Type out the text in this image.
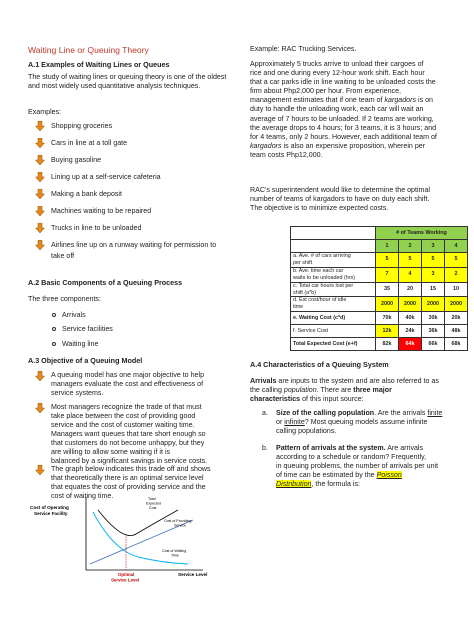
Waiting Line or Queuing Theory
A.1 Examples of Waiting Lines or Queues
The study of waiting lines or queuing theory is one of the oldest and most widely used quantitative analysis techniques.
Examples:
A.2 Basic Components of a Queuing Process
The three components:
A.3 Objective of a Queuing Model
Cost of Operating
Service Facility
Total
Expected
Cost
Cost of Providing
Service
Cost of Waiting
Time
Optimal
Service Level
Service Level
Example: RAC Trucking Services.
Approximately 5 trucks arrive to unload their cargoes of
rice and one during every 12-hour work shift. Each hour
that a car parks idle in line waiting to be unloaded costs the
firm about Php2,000 per hour. From experience,
management estimates that if one team of kargadors is on
duty to handle the unloading work, each car will wait an
average of 7 hours to be unloaded. If 2 teams are working,
the average drops to 4 hours; for 3 teams, it is 3 hours; and
for 4 teams, only 2 hours. However, each additional team of
kargadors is also an expensive proposition, wherein per
team costs Php12,000.
RAC's superintendent would like to determine the optimal
number of teams of kargadors to have on duty each shift.
The objective is to minimize expected costs.
	# of Teams Working			
	1	2	3	4

a. Ave. # of cars arriving
per shift	5	5	5	5

b. Ave. time each car
waits to be unloaded (hrs)	7	4	3	2

c. Total car hours lost per
shift (a*b)	35	20	15	10

d. Est cost/hour of idle
time	2000	2000	2000	2000

e. Waiting Cost (c*d)	70k	40k	30k	20k

f. Service Cost	12k	24k	36k	48k

Total Expected Cost (e+f)	82k	64k	66k	68k
A.4 Characteristics of a Queuing System
Arrivals are inputs to the system and are also referred to as
the calling population. There are three major
characteristics of this input source:
Shopping groceries
Cars in line at a toll gate
Buying gasoline
Lining up at a self-service cafeteria
Making a bank deposit
Machines waiting to be repaired
Trucks in line to be unloaded
Airlines line up on a runway waiting for permission to
take off
Arrivals
Service facilities
Waiting line
A queuing model has one major objective to help
managers evaluate the cost and effectiveness of
service systems.
Most managers recognize the trade of that must
take place between the cost of providing good
service and the cost of customer waiting time.
Managers want queues that tare short enough so
that customers do not become unhappy, but they
are willing to allow some waiting if it is
balanced by a significant savings in service costs.
The graph below indicates this trade off and shows
that theoretically there is an optimal service level
that equates the cost of providing service and the
cost of waiting time.
a. Size of the calling population. Are the arrivals finite
or infinite? Most queuing models assume infinite
calling populations.
b. Pattern of arrivals at the system. Are arrivals
according to a schedule or random? Frequently,
in queuing problems, the number of arrivals per unit
of time can be estimated by the Poisson
Distribution, the formula is:
